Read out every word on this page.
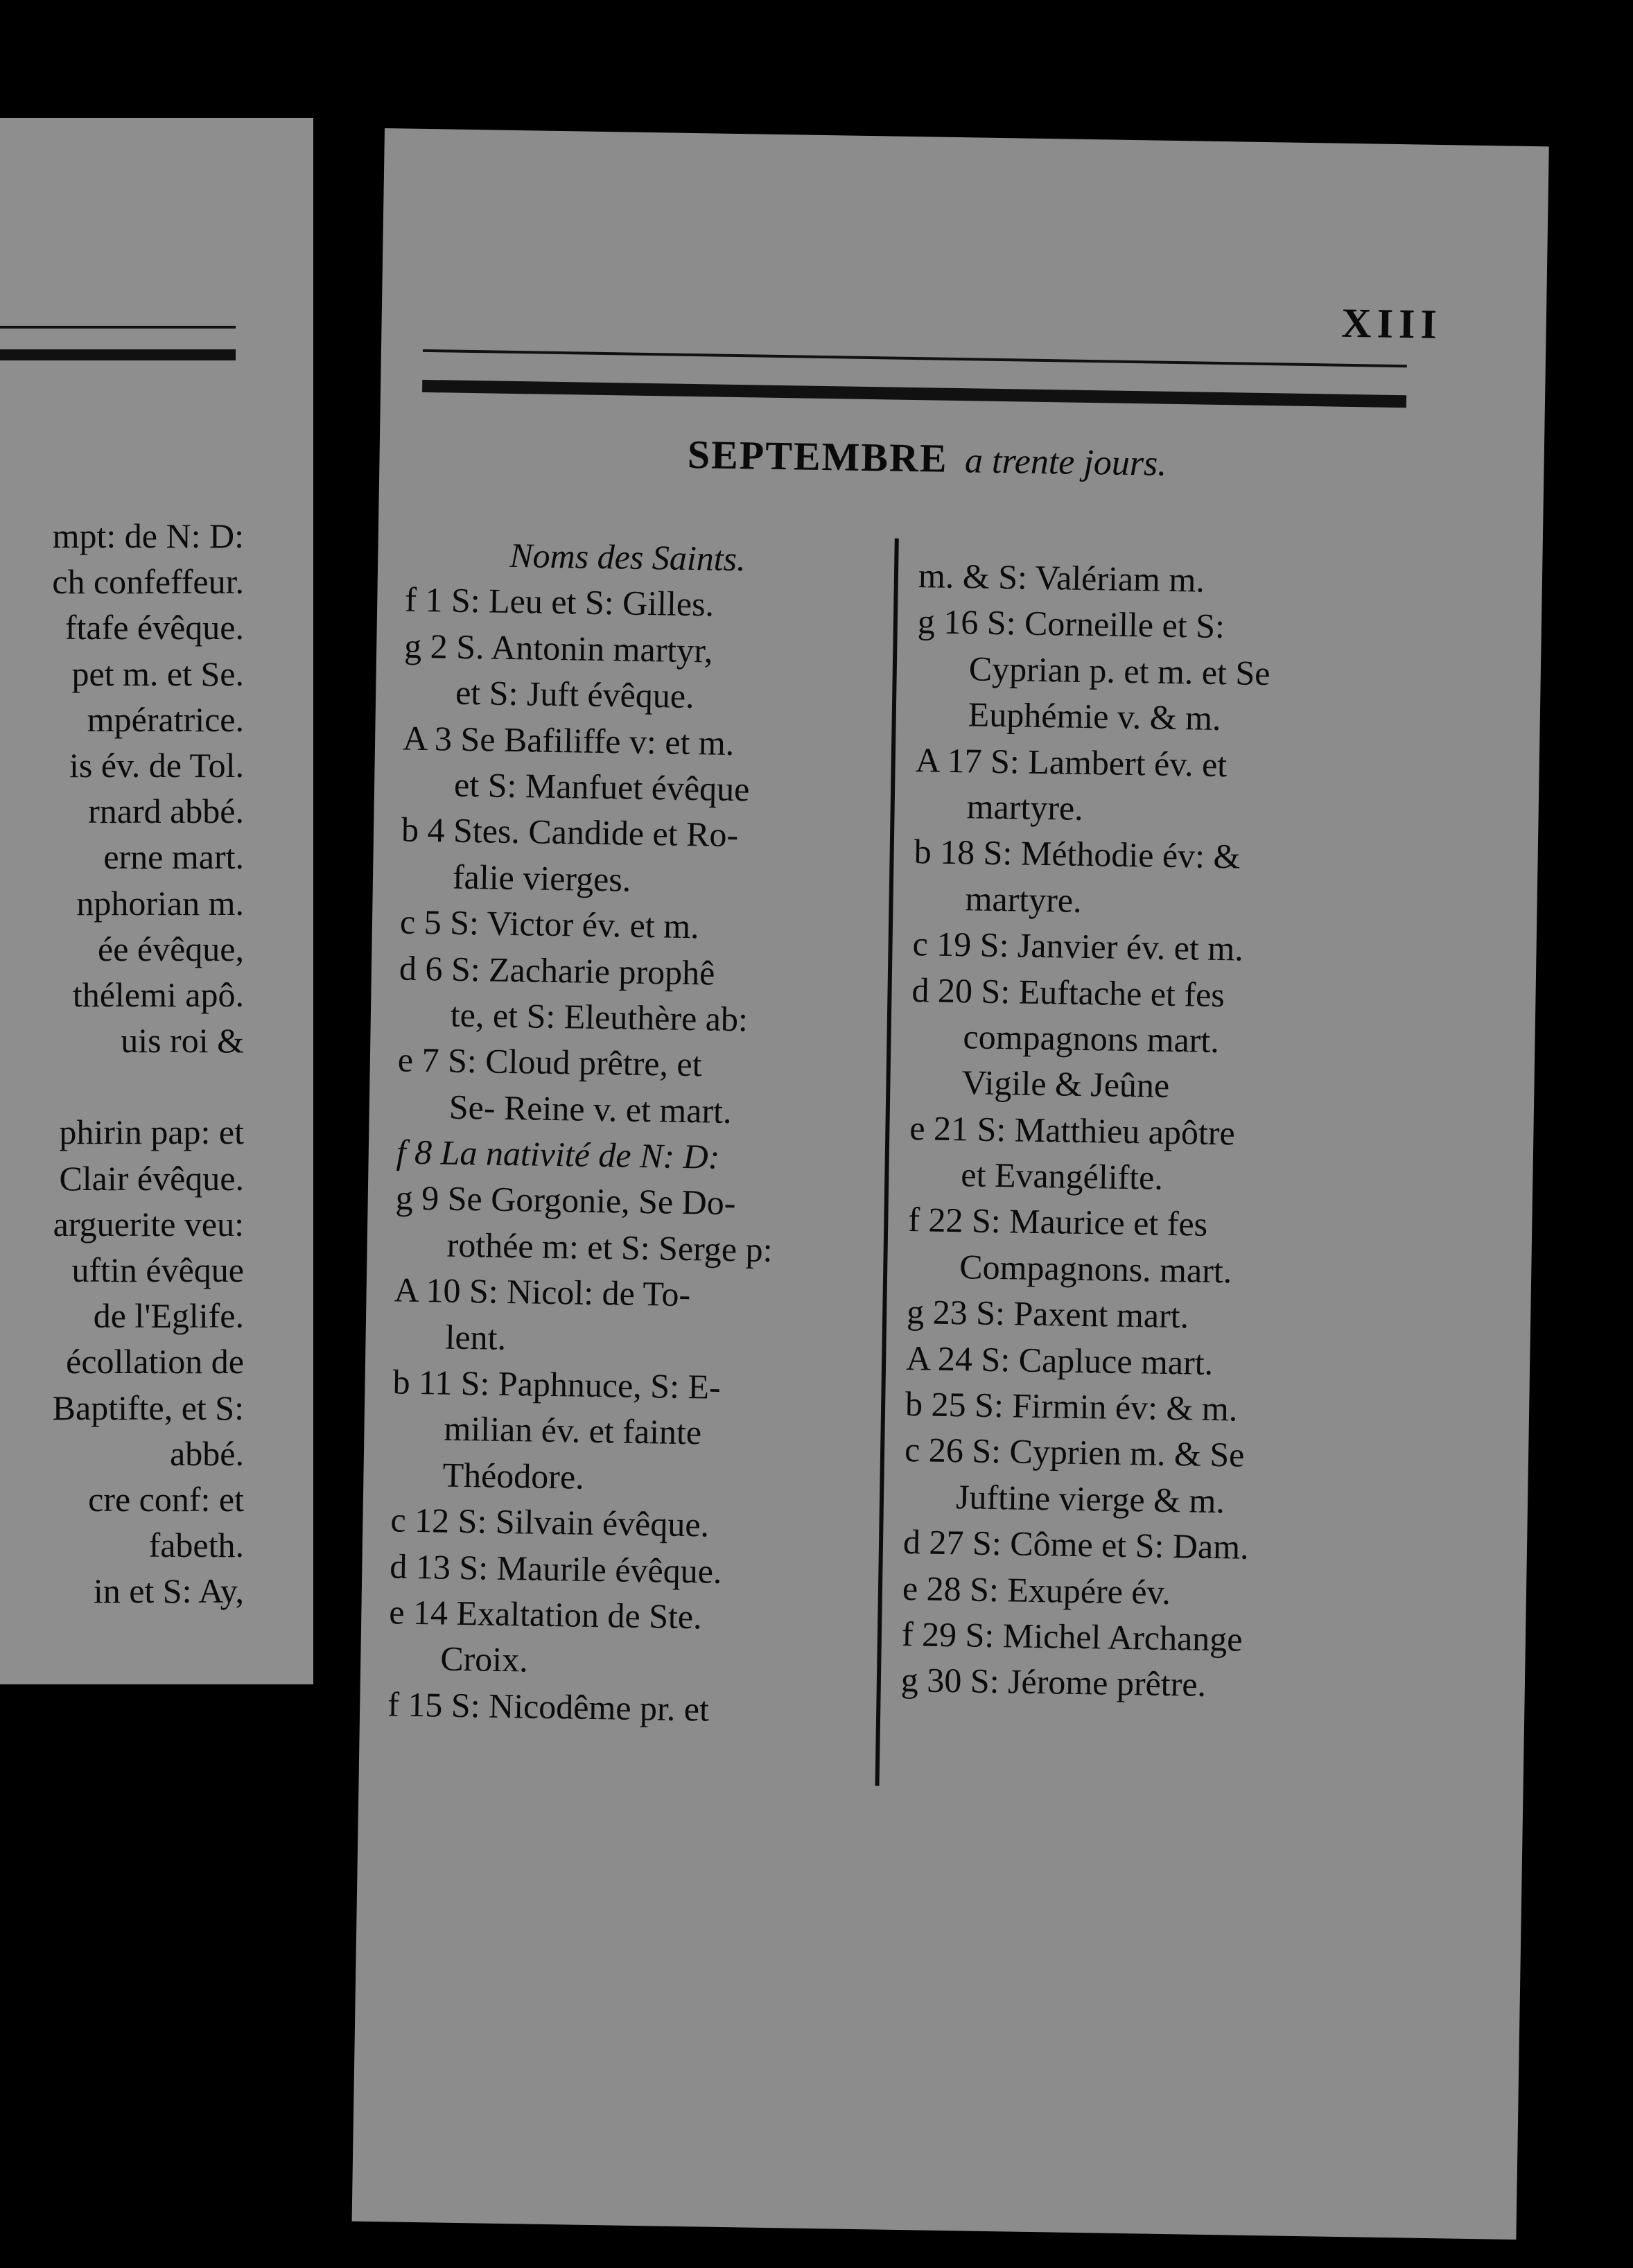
mpt: de N: D:
ch confeffeur.
ftafe évêque.
pet m. et Se.
mpératrice.
is év. de Tol.
rnard abbé.
erne mart.
nphorian m.
ée évêque,
thélemi apô.
uis roi &
phirin pap: et
Clair évêque.
arguerite veu:
uftin évêque
de l'Eglife.
écollation de
Baptifte, et S:
abbé.
cre conf: et
fabeth.
in et S: Ay,
XIII
SEPTEMBRE a trente jours.
Noms des Saints.
f 1 S: Leu et S: Gilles.
g 2 S. Antonin martyr,
et S: Juft évêque.
A 3 Se Bafiliffe v: et m.
et S: Manfuet évêque
b 4 Stes. Candide et Ro-
falie vierges.
c 5 S: Victor év. et m.
d 6 S: Zacharie prophê
te, et S: Eleuthère ab:
e 7 S: Cloud prêtre, et
Se- Reine v. et mart.
f 8 La nativité de N: D:
g 9 Se Gorgonie, Se Do-
rothée m: et S: Serge p:
A 10 S: Nicol: de To-
lent.
b 11 S: Paphnuce, S: E-
milian év. et fainte
Théodore.
c 12 S: Silvain évêque.
d 13 S: Maurile évêque.
e 14 Exaltation de Ste.
Croix.
f 15 S: Nicodême pr. et
m. & S: Valériam m.
g 16 S: Corneille et S:
Cyprian p. et m. et Se
Euphémie v. & m.
A 17 S: Lambert év. et
martyre.
b 18 S: Méthodie év: &
martyre.
c 19 S: Janvier év. et m.
d 20 S: Euftache et fes
compagnons mart.
Vigile & Jeûne
e 21 S: Matthieu apôtre
et Evangélifte.
f 22 S: Maurice et fes
Compagnons. mart.
g 23 S: Paxent mart.
A 24 S: Capluce mart.
b 25 S: Firmin év: & m.
c 26 S: Cyprien m. & Se
Juftine vierge & m.
d 27 S: Côme et S: Dam.
e 28 S: Exupére év.
f 29 S: Michel Archange
g 30 S: Jérome prêtre.
